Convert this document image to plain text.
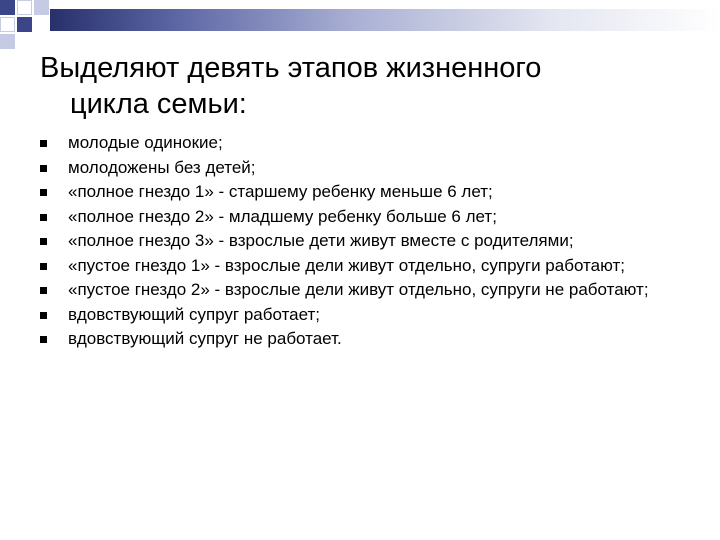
Выделяют девять этапов жизненного
цикла семьи:
молодые одинокие;
молодожены без детей;
«полное гнездо 1» - старшему ребенку меньше 6 лет;
«полное гнездо 2» - младшему ребенку больше 6 лет;
«полное гнездо 3» - взрослые дети живут вместе с родителями;
«пустое гнездо 1» - взрослые дели живут отдельно, супруги работают;
«пустое гнездо 2» - взрослые дели живут отдельно, супруги не работают;
вдовствующий супруг работает;
вдовствующий супруг не работает.
